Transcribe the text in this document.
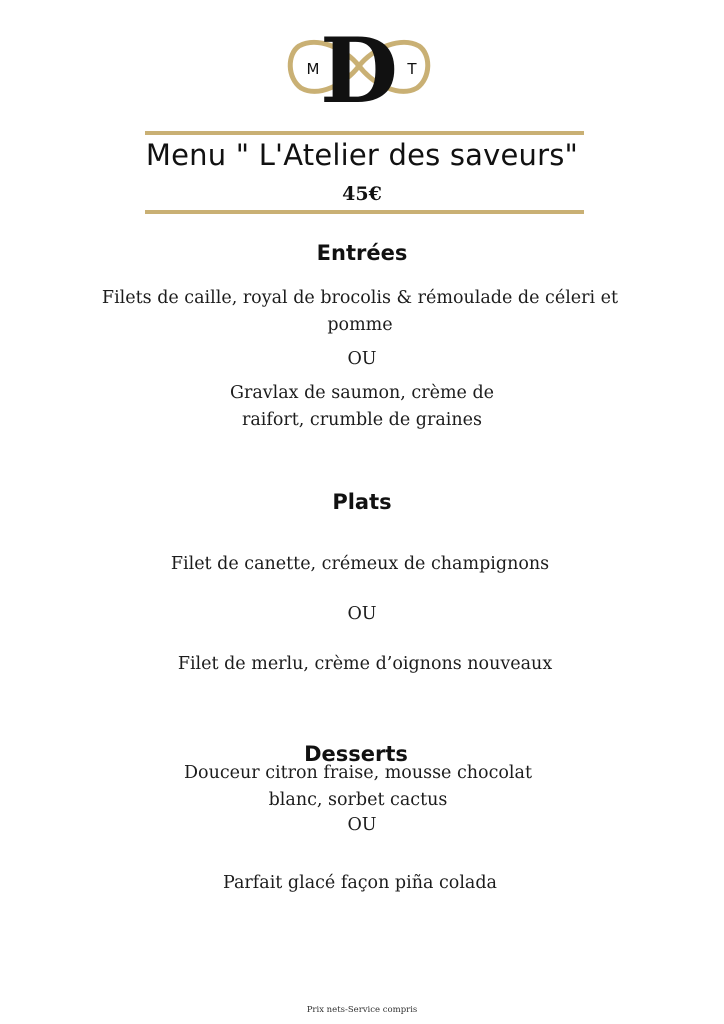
D
M	T
Menu " L'Atelier des saveurs"
45€
Entrées
Filets de caille, royal de brocolis & rémoulade de céleri et pomme
OU
Gravlax de saumon, crème de raifort, crumble de graines
Plats
Filet de canette, crémeux de champignons
OU
Filet de merlu, crème d’oignons nouveaux
Desserts
Douceur citron fraise, mousse chocolat blanc, sorbet cactus
OU
Parfait glacé façon piña colada
Prix nets-Service compris
